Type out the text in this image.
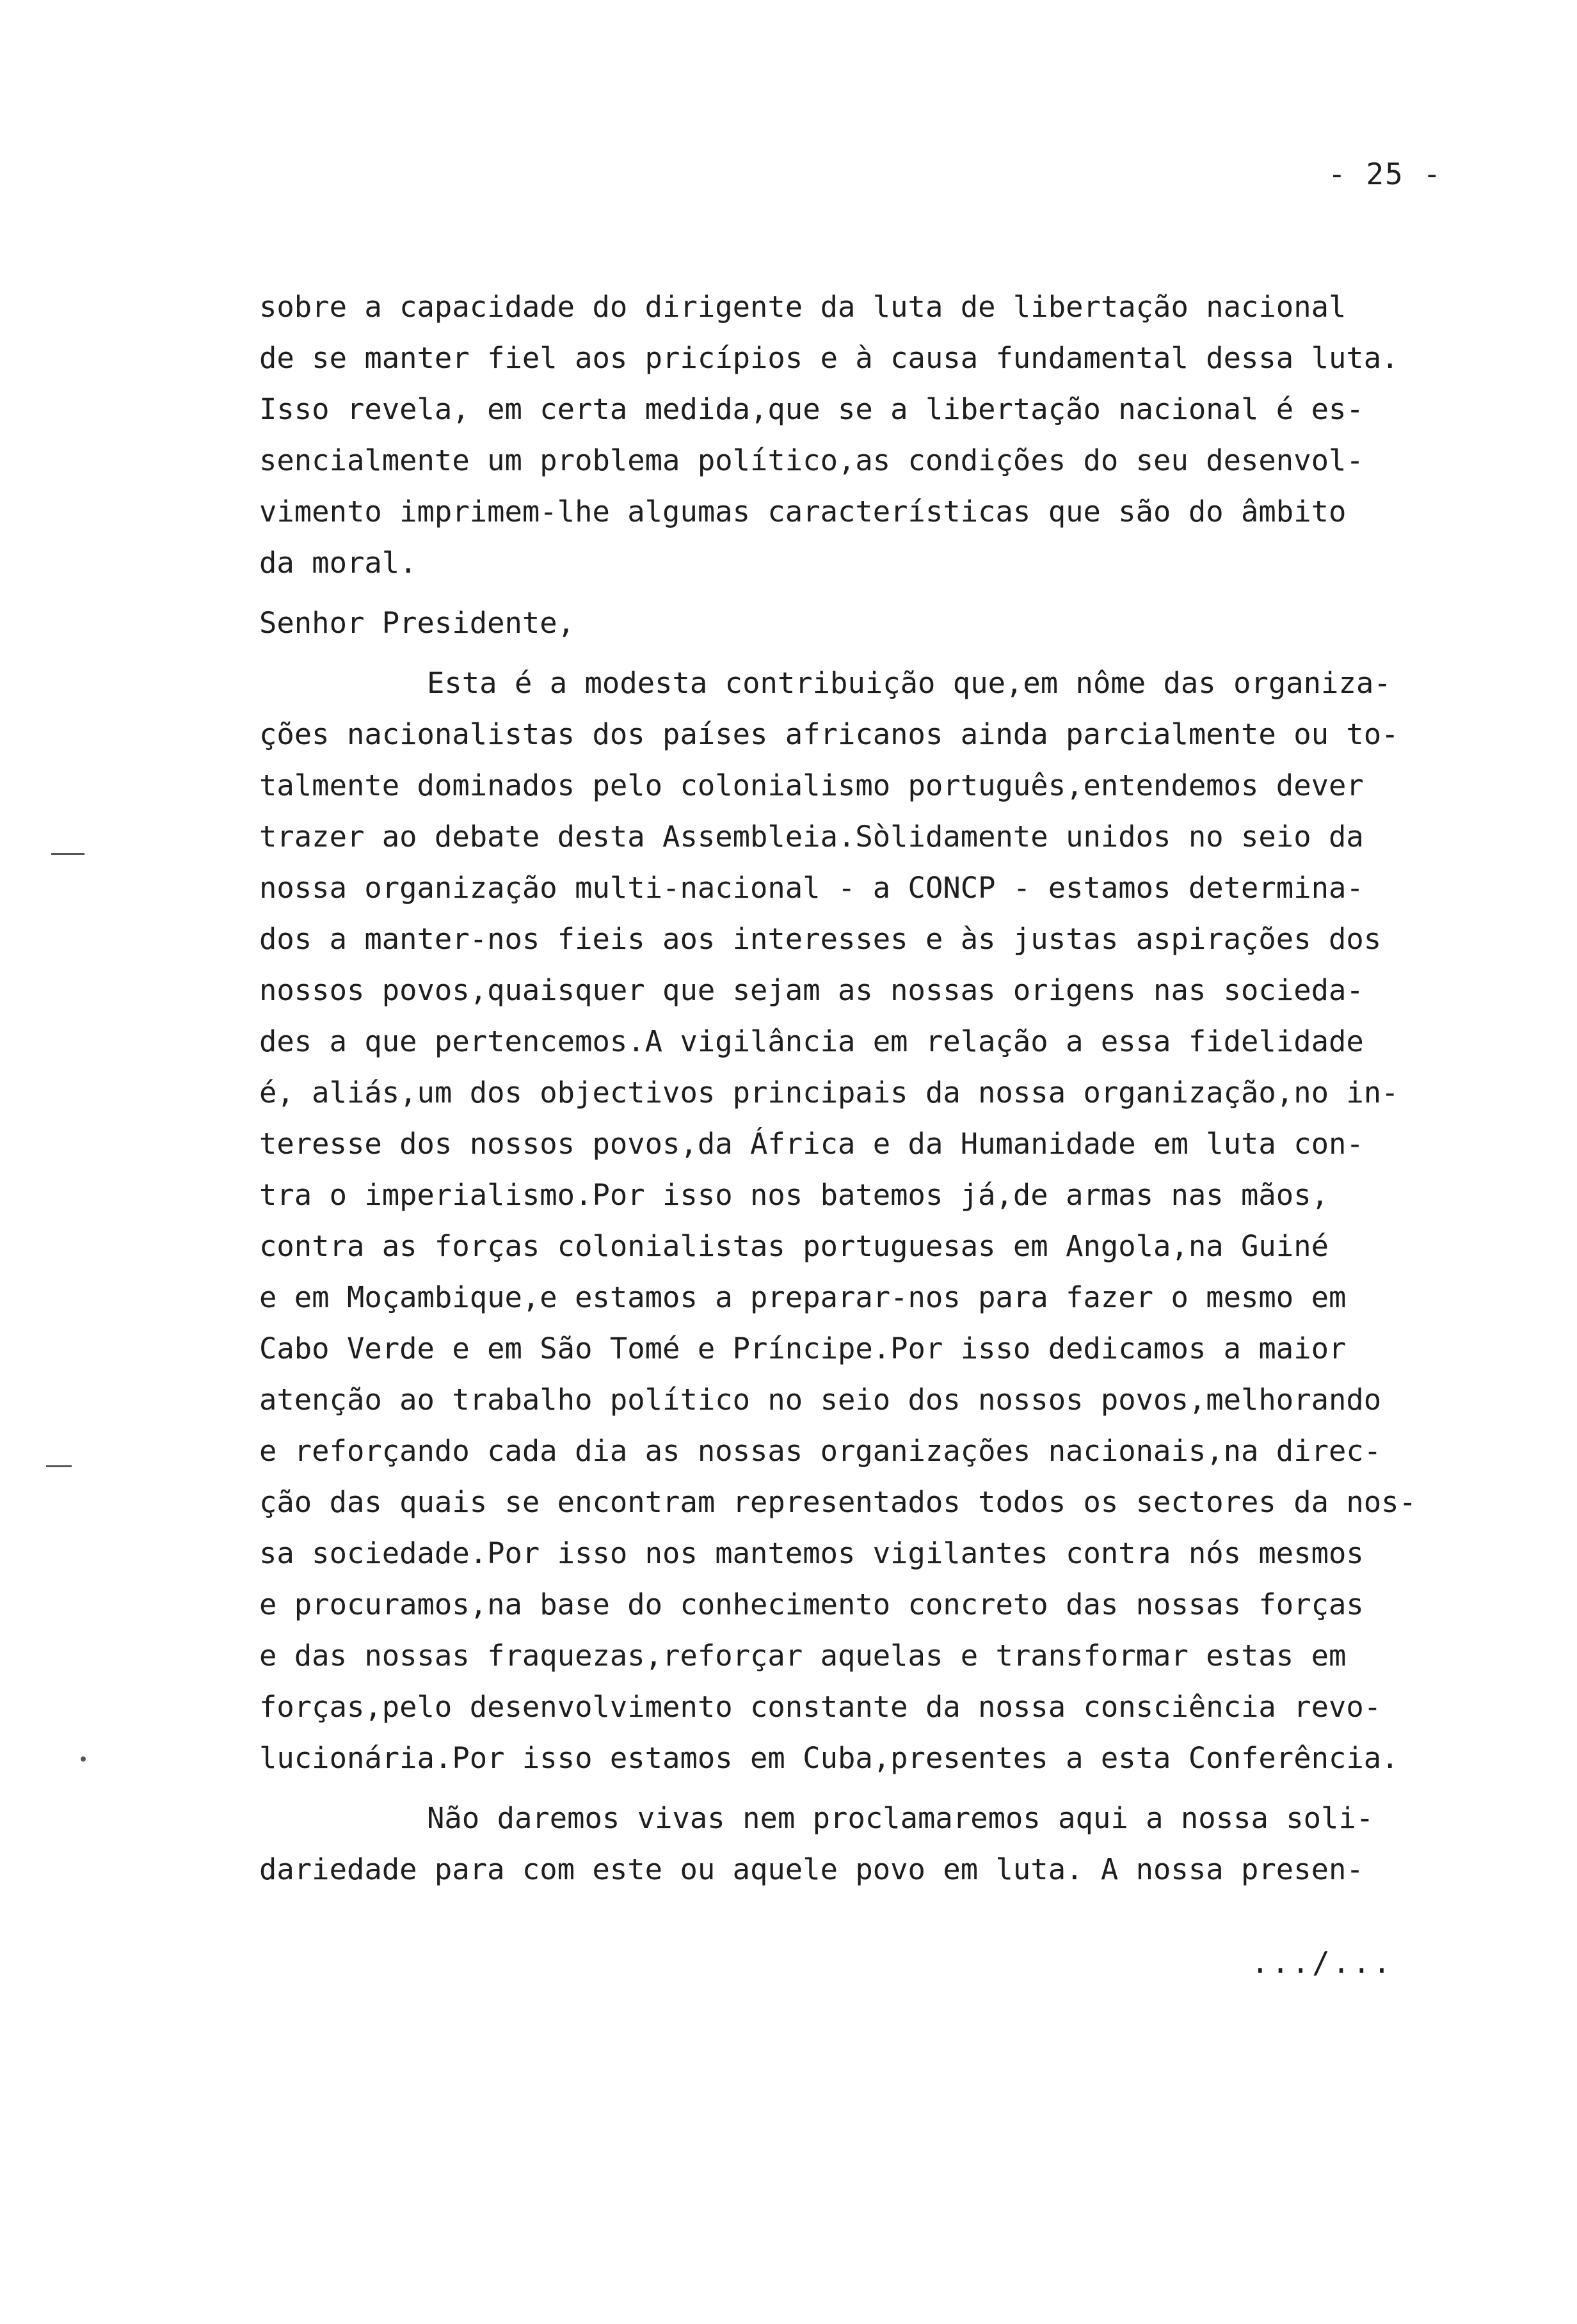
- 25 -
sobre a capacidade do dirigente da luta de libertação nacional
de se manter fiel aos pricípios e à causa fundamental dessa luta.
Isso revela, em certa medida,que se a libertação nacional é es-
sencialmente um problema político,as condições do seu desenvol-
vimento imprimem-lhe algumas características que são do âmbito
da moral.
Senhor Presidente,
Esta é a modesta contribuição que,em nôme das organiza-
ções nacionalistas dos países africanos ainda parcialmente ou to-
talmente dominados pelo colonialismo português,entendemos dever
trazer ao debate desta Assembleia.Sòlidamente unidos no seio da
nossa organização multi-nacional - a CONCP - estamos determina-
dos a manter-nos fieis aos interesses e às justas aspirações dos
nossos povos,quaisquer que sejam as nossas origens nas socieda-
des a que pertencemos.A vigilância em relação a essa fidelidade
é, aliás,um dos objectivos principais da nossa organização,no in-
teresse dos nossos povos,da África e da Humanidade em luta con-
tra o imperialismo.Por isso nos batemos já,de armas nas mãos,
contra as forças colonialistas portuguesas em Angola,na Guiné
e em Moçambique,e estamos a preparar-nos para fazer o mesmo em
Cabo Verde e em São Tomé e Príncipe.Por isso dedicamos a maior
atenção ao trabalho político no seio dos nossos povos,melhorando
e reforçando cada dia as nossas organizações nacionais,na direc-
ção das quais se encontram representados todos os sectores da nos-
sa sociedade.Por isso nos mantemos vigilantes contra nós mesmos
e procuramos,na base do conhecimento concreto das nossas forças
e das nossas fraquezas,reforçar aquelas e transformar estas em
forças,pelo desenvolvimento constante da nossa consciência revo-
lucionária.Por isso estamos em Cuba,presentes a esta Conferência.
Não daremos vivas nem proclamaremos aqui a nossa soli-
dariedade para com este ou aquele povo em luta. A nossa presen-
.../...
